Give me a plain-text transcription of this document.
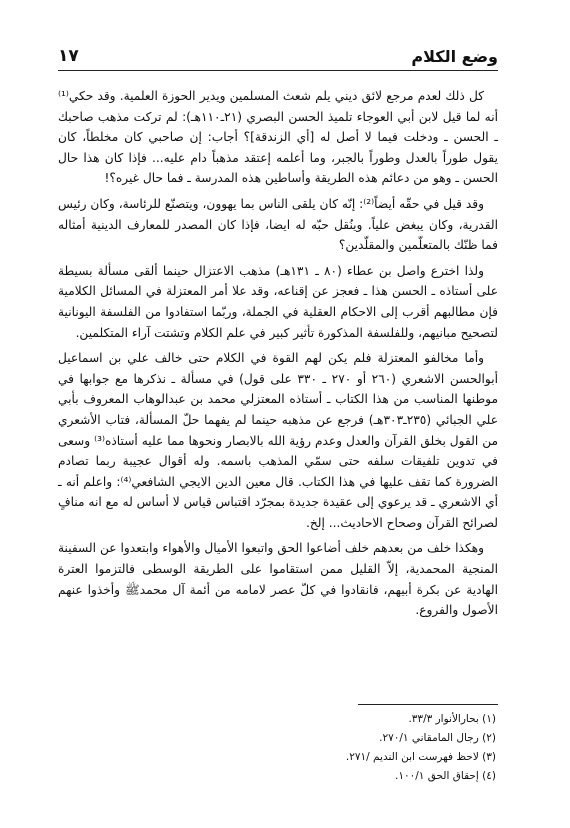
وضع الكلام
١٧

كل ذلك لعدم مرجع لائق ديني يلم شعث المسلمين ويدير الحوزة العلمية. وقد حكي⁽¹⁾ أنه لما قيل لابن أبي العوجاء تلميذ الحسن البصري (٢١ـ١١٠هـ): لم تركت مذهب صاحبك ـ الحسن ـ ودخلت فيما لا أصل له [أي الزندقة]؟ أجاب: إن صاحبي كان مخلطاً، كان يقول طوراً بالعدل وطوراً بالجبر، وما أعلمه إعتقد مذهباً دام عليه... فإذا كان هذا حال الحسن ـ وهو من دعائم هذه الطريقة وأساطين هذه المدرسة ـ فما حال غيره؟!

وقد قيل في حقّه أيضاً⁽²⁾: إنّه كان يلقى الناس بما يهوون، ويتصنّع للرئاسة، وكان رئيس القدرية، وكان يبغض علياً. وينُقل حبّه له ايضا، فإذا كان المصدر للمعارف الدينية أمثاله فما ظنّك بالمتعلّمين والمقلّدين؟

ولذا اخترع واصل بن عطاء (٨٠ ـ ١٣١هـ) مذهب الاعتزال حينما ألقى مسألة بسيطة على أستاذه ـ الحسن هذا ـ فعجز عن إقناعه، وقد علا أمر المعتزلة في المسائل الكلامية فإن مطالبهم أقرب إلى الاحكام العقلية في الجملة، وربّما استفادوا من الفلسفة اليونانية لتصحيح مبانيهم، وللفلسفة المذكورة تأثير كبير في علم الكلام وتشتت آراء المتكلمين.

وأما مخالفو المعتزلة فلم يكن لهم القوة في الكلام حتى خالف علي بن اسماعيل أبوالحسن الاشعري (٢٦٠ أو ٢٧٠ ـ ٣٣٠ على قول) في مسألة ـ نذكرها مع جوابها في موطنها المناسب من هذا الكتاب ـ أستاذه المعتزلي محمد بن عبدالوهاب المعروف بأبي علي الجبائي (٢٣٥ـ٣٠٣هـ) فرجع عن مذهبه حينما لم يفهما حلّ المسألة، فتاب الأشعري من القول بخلق القرآن والعدل وعدم رؤية الله بالابصار ونحوها مما عليه أستاذه⁽³⁾ وسعى في تدوين تلفيقات سلفه حتى سمّي المذهب باسمه. وله أقوال عجيبة ربما تصادم الضرورة كما تقف عليها في هذا الكتاب. قال معين الدين الايجي الشافعي⁽⁴⁾: واعلم أنه ـ أي الاشعري ـ قد يرعوي إلى عقيدة جديدة بمجرّد اقتباس قياس لا أساس له مع انه منافٍ لصرائح القرآن وصحاح الاحاديث... إلخ.

وهكذا خلف من بعدهم خلف أضاعوا الحق واتبعوا الأميال والأهواء وابتعدوا عن السفينة المنجية المحمدية، إلاّ القليل ممن استقاموا على الطريقة الوسطى فالتزموا العترة الهادية عن بكرة أبيهم، فانقادوا في كلّ عصر لامامه من أئمة آل محمدﷺ وأخذوا عنهم الأصول والفروع.

(١) بحارالأنوار ٣٣/٣.
(٢) رجال المامقاني ٢٧٠/١.
(٣) لاحظ فهرست ابن النديم /٢٧١.
(٤) إحقاق الحق ١٠٠/١.
